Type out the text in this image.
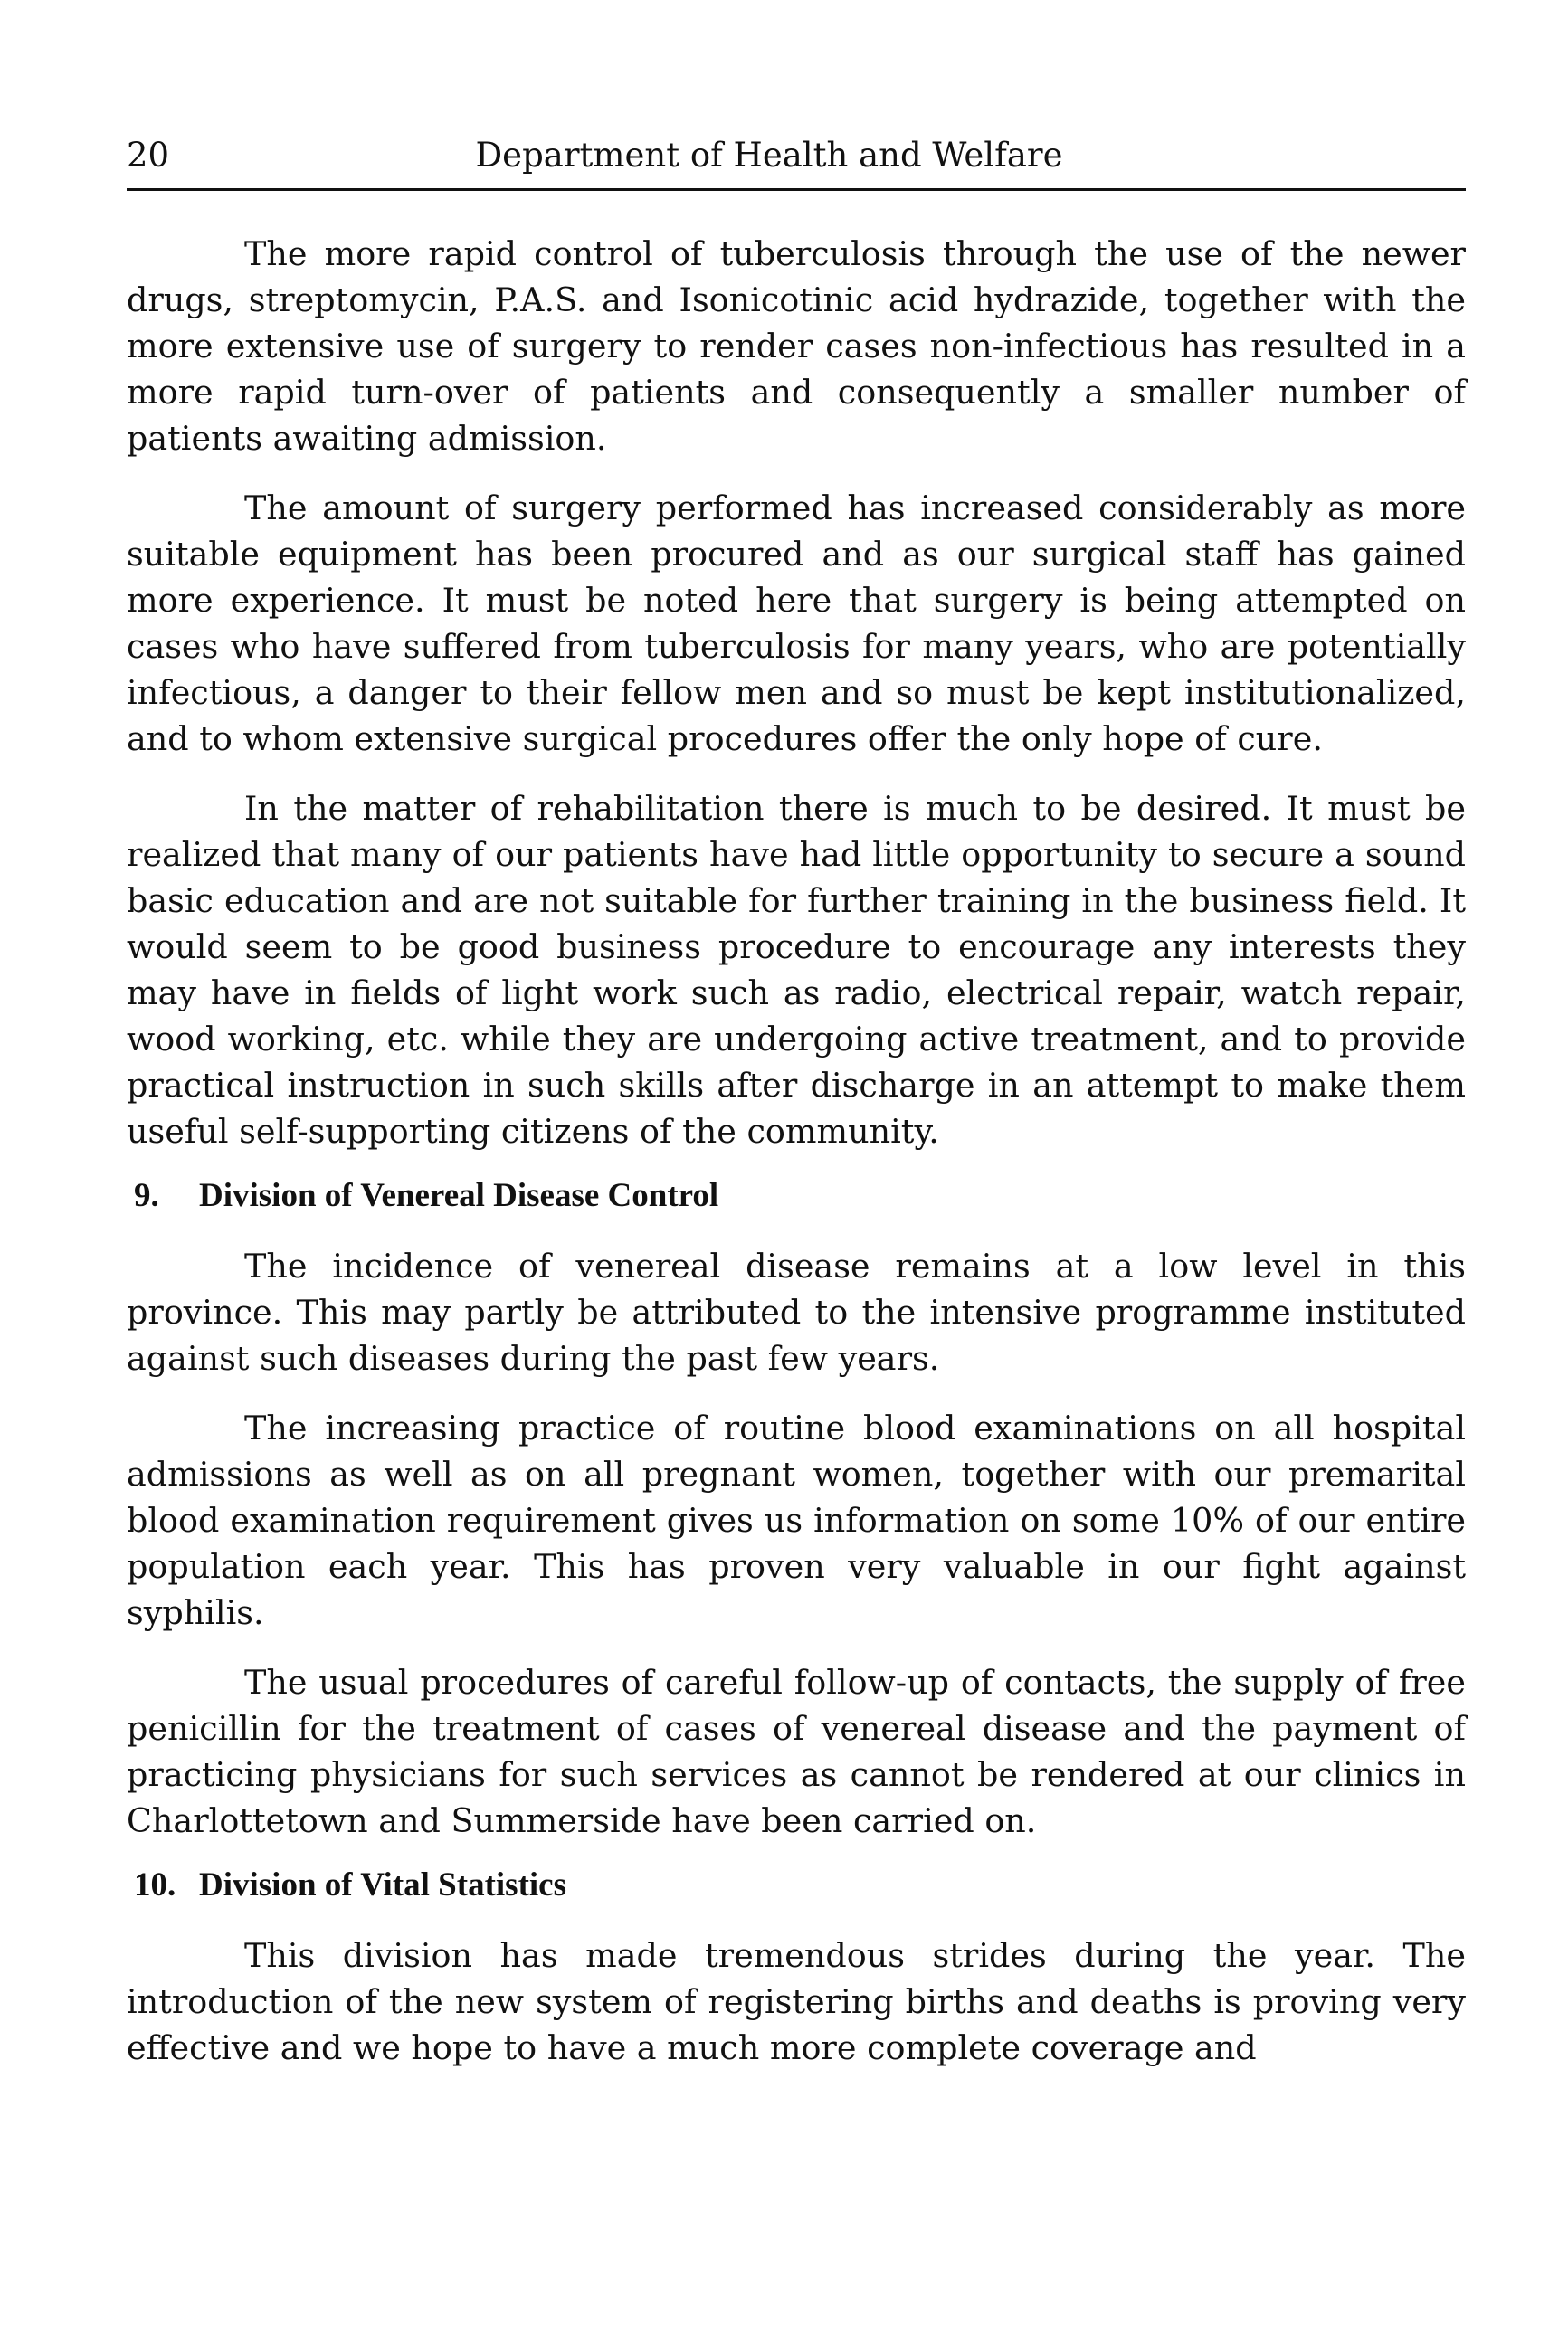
20	Department of Health and Welfare

The more rapid control of tuberculosis through the use of the newer drugs, streptomycin, P.A.S. and Isonicotinic acid hydrazide, together with the more extensive use of surgery to render cases non-infectious has resulted in a more rapid turn-over of patients and consequently a smaller number of patients awaiting admission.

The amount of surgery performed has increased considerably as more suitable equipment has been procured and as our surgical staff has gained more experience. It must be noted here that surgery is being attempted on cases who have suffered from tuberculosis for many years, who are potentially infectious, a danger to their fellow men and so must be kept institutionalized, and to whom extensive surgical procedures offer the only hope of cure.

In the matter of rehabilitation there is much to be desired. It must be realized that many of our patients have had little opportunity to secure a sound basic education and are not suitable for further training in the business field. It would seem to be good business procedure to encourage any interests they may have in fields of light work such as radio, electrical repair, watch repair, wood working, etc. while they are undergoing active treatment, and to provide practical instruction in such skills after discharge in an attempt to make them useful self-supporting citizens of the community.

9. Division of Venereal Disease Control

The incidence of venereal disease remains at a low level in this province. This may partly be attributed to the intensive programme instituted against such diseases during the past few years.

The increasing practice of routine blood examinations on all hospital admissions as well as on all pregnant women, together with our premarital blood examination requirement gives us information on some 10% of our entire population each year. This has proven very valuable in our fight against syphilis.

The usual procedures of careful follow-up of contacts, the supply of free penicillin for the treatment of cases of venereal disease and the payment of practicing physicians for such services as cannot be rendered at our clinics in Charlottetown and Summerside have been carried on.

10. Division of Vital Statistics

This division has made tremendous strides during the year. The introduction of the new system of registering births and deaths is proving very effective and we hope to have a much more complete coverage and
